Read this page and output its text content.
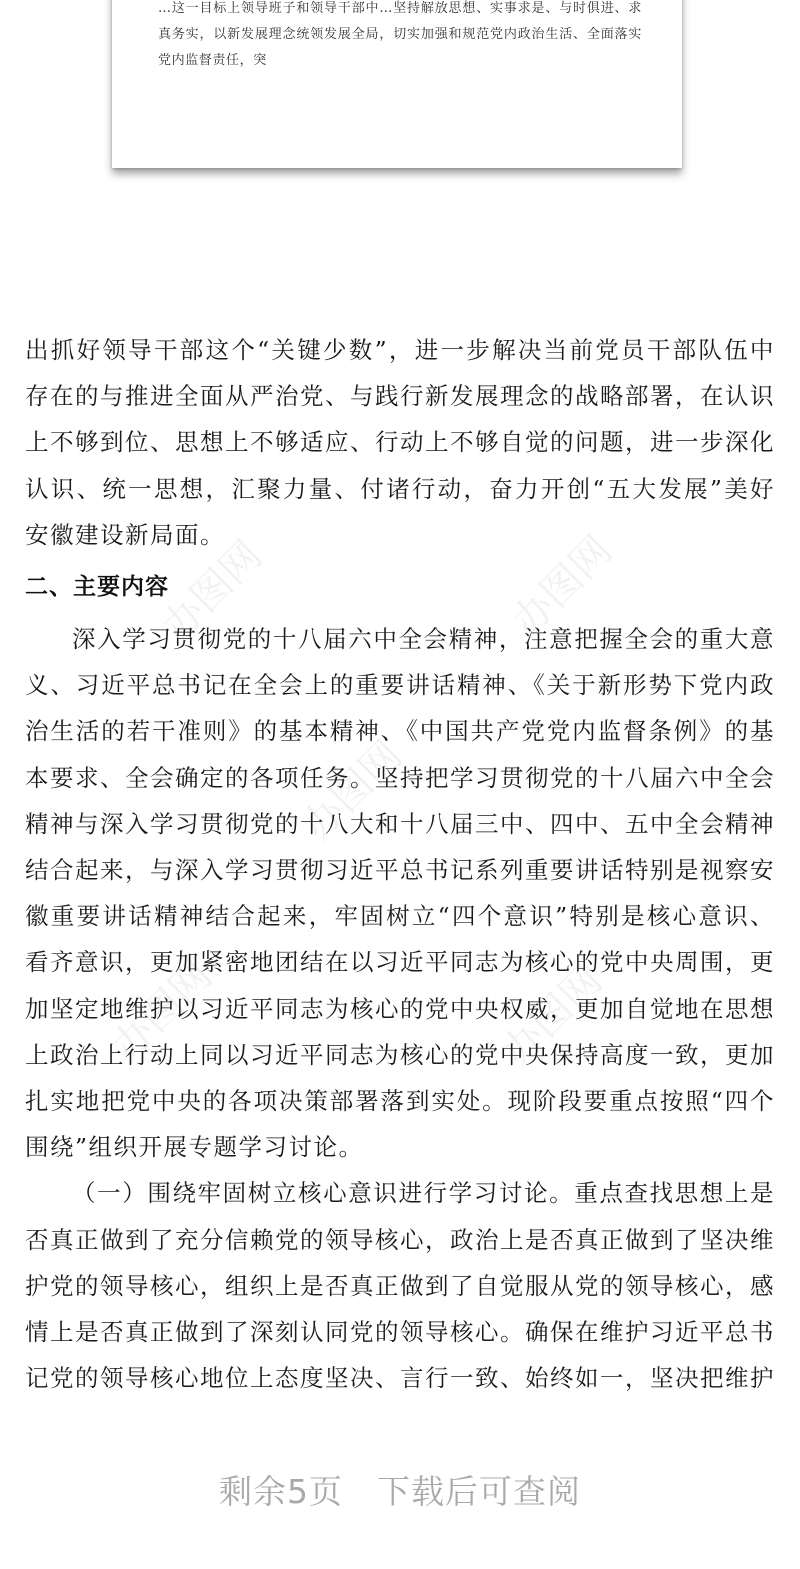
…这一目标上领导班子和领导干部中…坚持解放思想、实事求是、与时俱进、求真务实，以新发展理念统领发展全局，切实加强和规范党内政治生活、全面落实党内监督责任，突

办图网	办图网
办图网
办图网	办图网

出抓好领导干部这个“关键少数”，进一步解决当前党员干部队伍中存在的与推进全面从严治党、与践行新发展理念的战略部署，在认识上不够到位、思想上不够适应、行动上不够自觉的问题，进一步深化认识、统一思想，汇聚力量、付诸行动，奋力开创“五大发展”美好安徽建设新局面。

二、主要内容

深入学习贯彻党的十八届六中全会精神，注意把握全会的重大意义、习近平总书记在全会上的重要讲话精神、《关于新形势下党内政治生活的若干准则》的基本精神、《中国共产党党内监督条例》的基本要求、全会确定的各项任务。坚持把学习贯彻党的十八届六中全会精神与深入学习贯彻党的十八大和十八届三中、四中、五中全会精神结合起来，与深入学习贯彻习近平总书记系列重要讲话特别是视察安徽重要讲话精神结合起来，牢固树立“四个意识”特别是核心意识、看齐意识，更加紧密地团结在以习近平同志为核心的党中央周围，更加坚定地维护以习近平同志为核心的党中央权威，更加自觉地在思想上政治上行动上同以习近平同志为核心的党中央保持高度一致，更加扎实地把党中央的各项决策部署落到实处。现阶段要重点按照“四个围绕”组织开展专题学习讨论。

（一）围绕牢固树立核心意识进行学习讨论。重点查找思想上是否真正做到了充分信赖党的领导核心，政治上是否真正做到了坚决维护党的领导核心，组织上是否真正做到了自觉服从党的领导核心，感情上是否真正做到了深刻认同党的领导核心。确保在维护习近平总书记党的领导核心地位上态度坚决、言行一致、始终如一，坚决把维护

剩余5页 下载后可查阅
